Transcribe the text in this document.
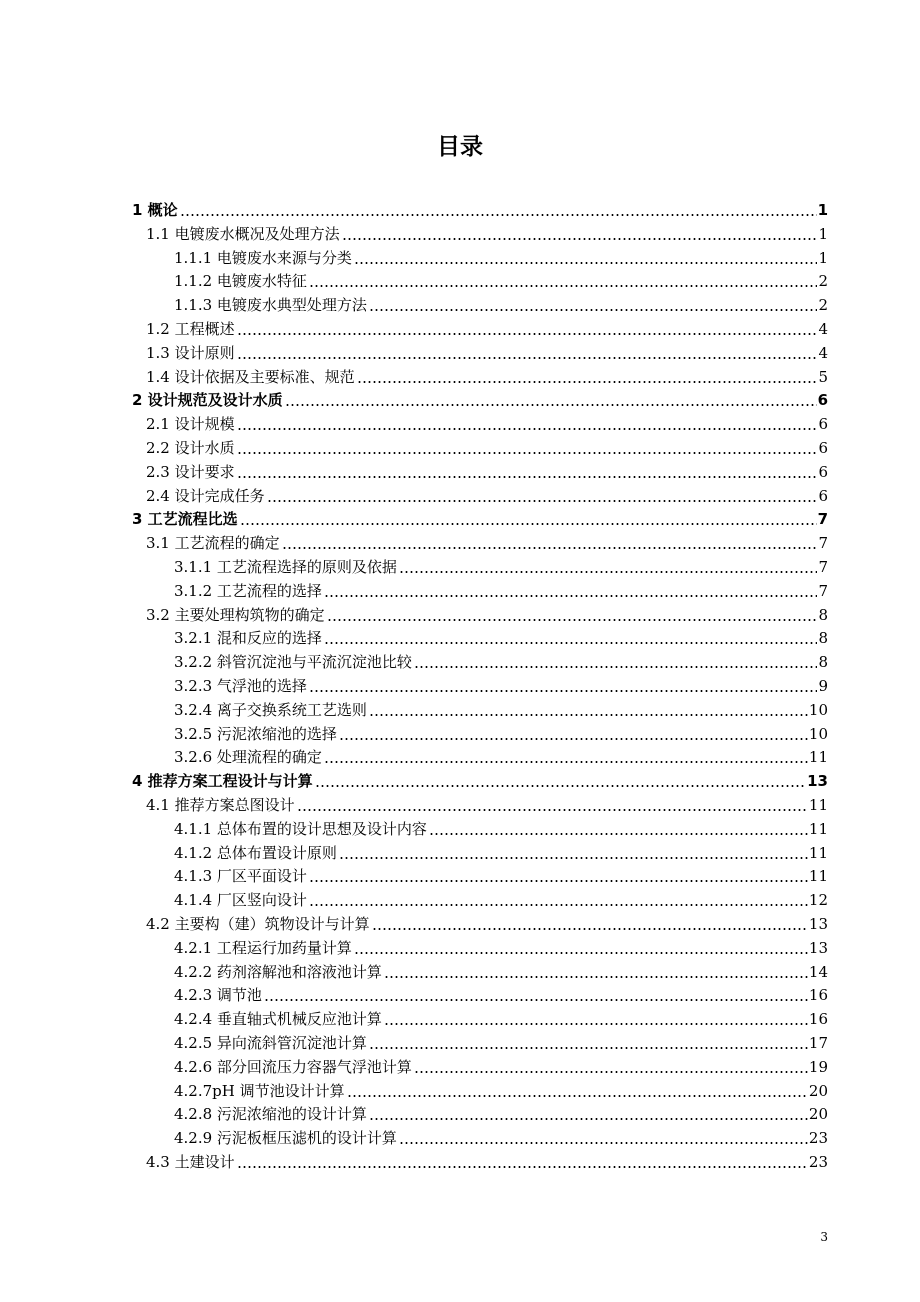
目录
1 概论	1
1.1 电镀废水概况及处理方法	1
1.1.1 电镀废水来源与分类	1
1.1.2 电镀废水特征	2
1.1.3 电镀废水典型处理方法	2
1.2 工程概述	4
1.3 设计原则	4
1.4 设计依据及主要标准、规范	5
2 设计规范及设计水质	6
2.1 设计规模	6
2.2 设计水质	6
2.3 设计要求	6
2.4 设计完成任务	6
3 工艺流程比选	7
3.1 工艺流程的确定	7
3.1.1 工艺流程选择的原则及依据	7
3.1.2 工艺流程的选择	7
3.2 主要处理构筑物的确定	8
3.2.1 混和反应的选择	8
3.2.2 斜管沉淀池与平流沉淀池比较	8
3.2.3 气浮池的选择	9
3.2.4 离子交换系统工艺选则	10
3.2.5 污泥浓缩池的选择	10
3.2.6 处理流程的确定	11
4 推荐方案工程设计与计算	13
4.1 推荐方案总图设计	11
4.1.1 总体布置的设计思想及设计内容	11
4.1.2 总体布置设计原则	11
4.1.3 厂区平面设计	11
4.1.4 厂区竖向设计	12
4.2 主要构（建）筑物设计与计算	13
4.2.1 工程运行加药量计算	13
4.2.2 药剂溶解池和溶液池计算	14
4.2.3 调节池	16
4.2.4 垂直轴式机械反应池计算	16
4.2.5 异向流斜管沉淀池计算	17
4.2.6 部分回流压力容器气浮池计算	19
4.2.7pH 调节池设计计算	20
4.2.8 污泥浓缩池的设计计算	20
4.2.9 污泥板框压滤机的设计计算	23
4.3 土建设计	23
3
